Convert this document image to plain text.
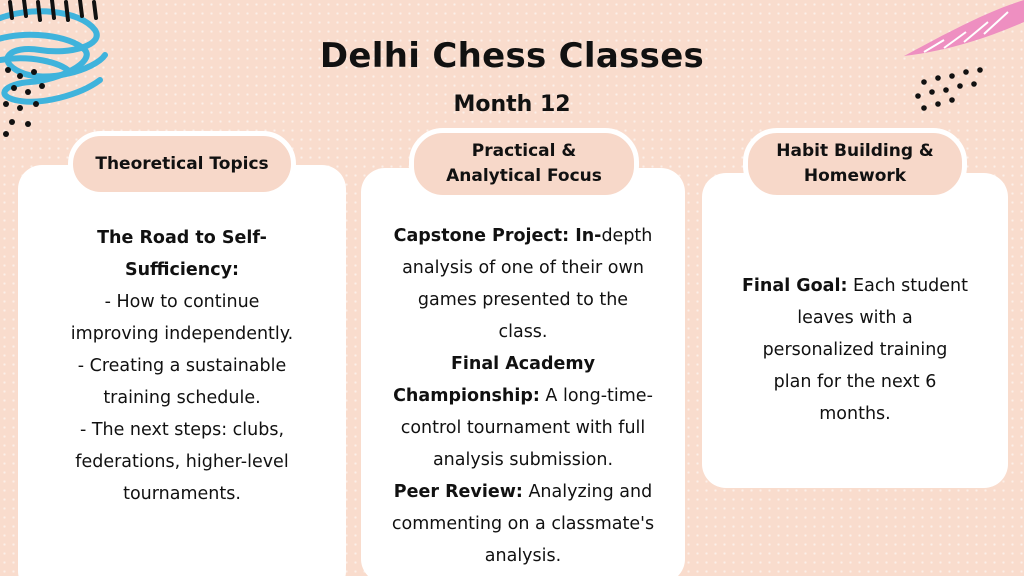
Delhi Chess Classes
Month 12
Theoretical Topics
Practical &
Analytical Focus
Habit Building &
Homework
The Road to Self-
Sufficiency:
- How to continue
improving independently.
- Creating a sustainable
training schedule.
- The next steps: clubs,
federations, higher-level
tournaments.
Capstone Project: In-depth
analysis of one of their own
games presented to the
class.
Final Academy
Championship: A long-time-
control tournament with full
analysis submission.
Peer Review: Analyzing and
commenting on a classmate's
analysis.
Final Goal: Each student
leaves with a
personalized training
plan for the next 6
months.
